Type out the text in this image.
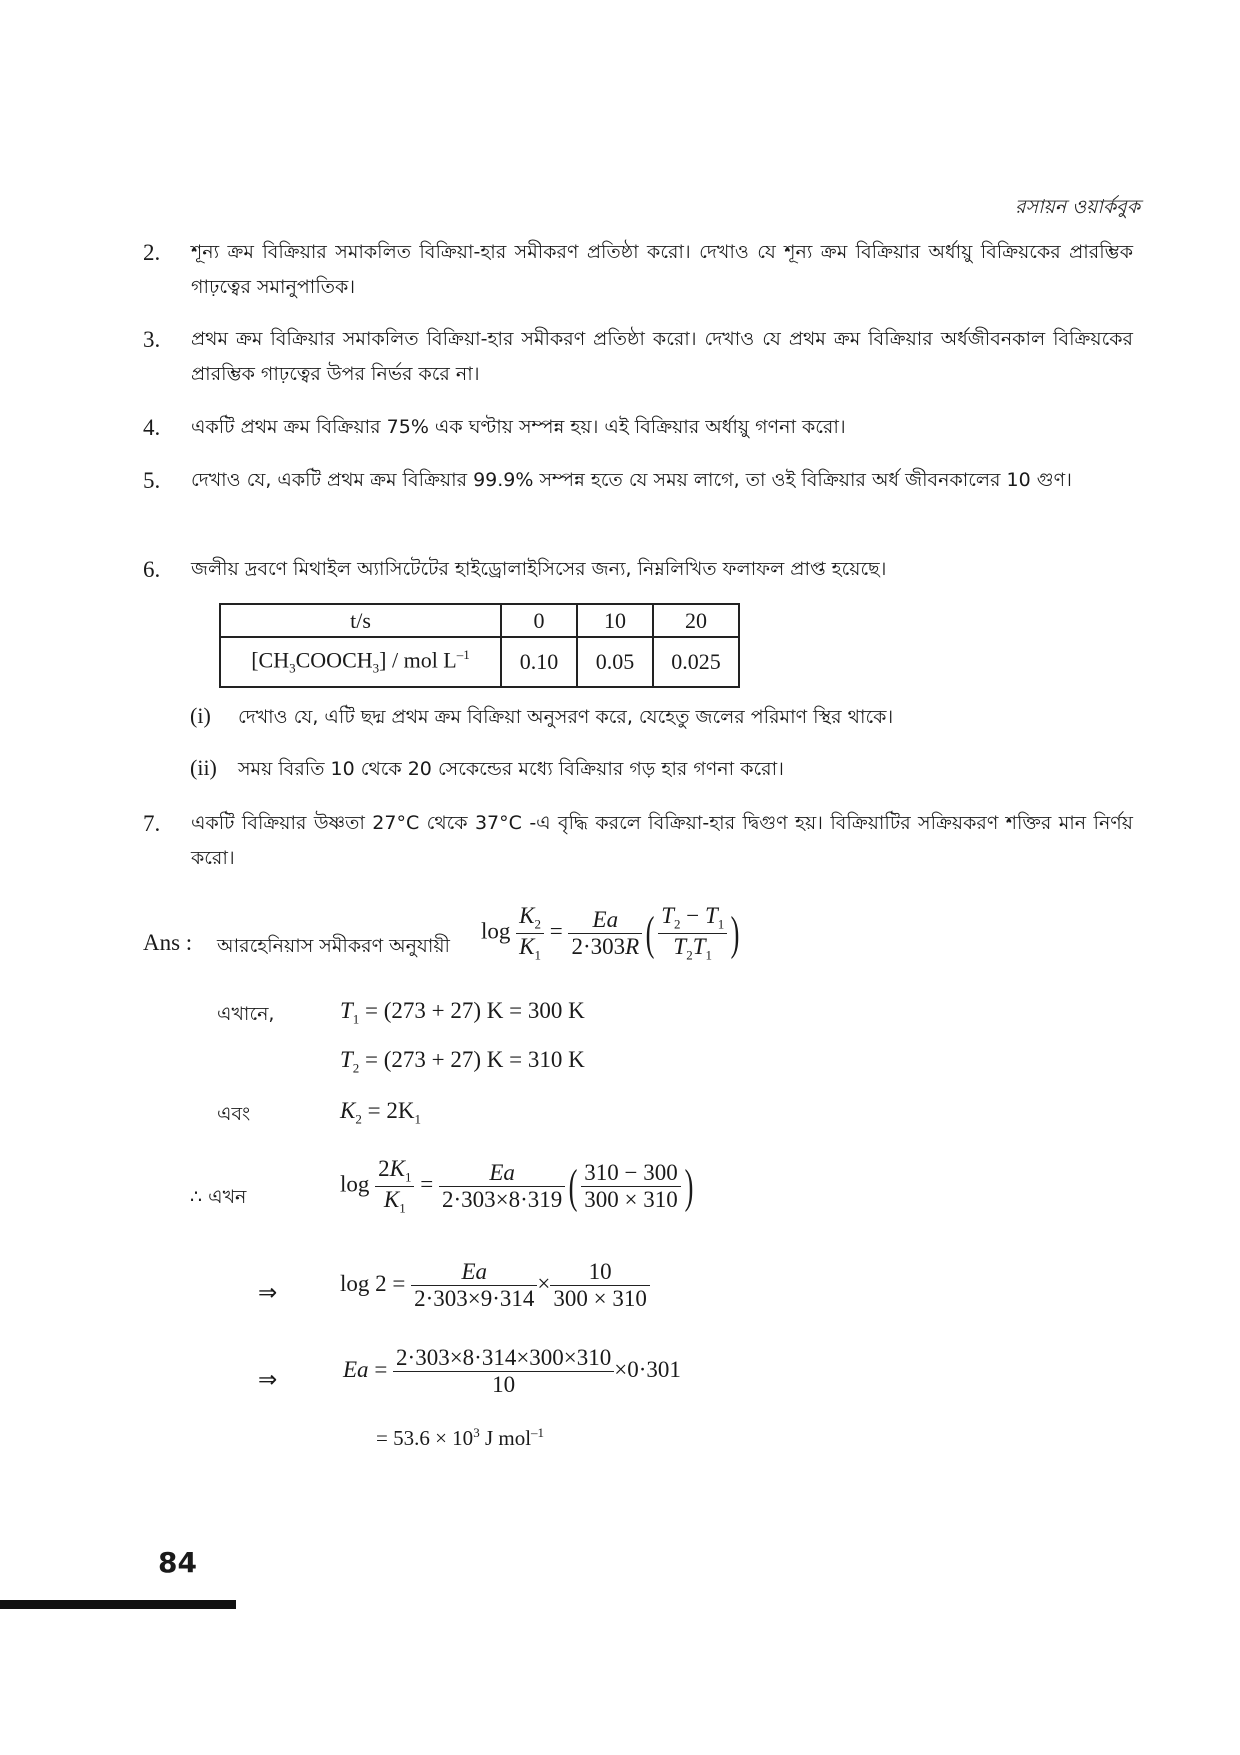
রসায়ন ওয়ার্কবুক
2. শূন্য ক্রম বিক্রিয়ার সমাকলিত বিক্রিয়া-হার সমীকরণ প্রতিষ্ঠা করো। দেখাও যে শূন্য ক্রম বিক্রিয়ার অর্ধায়ু বিক্রিয়কের প্রারম্ভিক গাঢ়ত্বের সমানুপাতিক।
3. প্রথম ক্রম বিক্রিয়ার সমাকলিত বিক্রিয়া-হার সমীকরণ প্রতিষ্ঠা করো। দেখাও যে প্রথম ক্রম বিক্রিয়ার অর্ধজীবনকাল বিক্রিয়কের প্রারম্ভিক গাঢ়ত্বের উপর নির্ভর করে না।
4. একটি প্রথম ক্রম বিক্রিয়ার 75% এক ঘণ্টায় সম্পন্ন হয়। এই বিক্রিয়ার অর্ধায়ু গণনা করো।
5. দেখাও যে, একটি প্রথম ক্রম বিক্রিয়ার 99.9% সম্পন্ন হতে যে সময় লাগে, তা ওই বিক্রিয়ার অর্ধ জীবনকালের 10 গুণ।
6. জলীয় দ্রবণে মিথাইল অ্যাসিটেটের হাইড্রোলাইসিসের জন্য, নিম্নলিখিত ফলাফল প্রাপ্ত হয়েছে।
t/s	0	10	20
$[CH_3COOCH_3]$ / mol $L^{-1}$	0.10	0.05	0.025
(i) দেখাও যে, এটি ছদ্ম প্রথম ক্রম বিক্রিয়া অনুসরণ করে, যেহেতু জলের পরিমাণ স্থির থাকে।
(ii) সময় বিরতি 10 থেকে 20 সেকেন্ডের মধ্যে বিক্রিয়ার গড় হার গণনা করো।
7. একটি বিক্রিয়ার উষ্ণতা 27°C থেকে 37°C -এ বৃদ্ধি করলে বিক্রিয়া-হার দ্বিগুণ হয়। বিক্রিয়াটির সক্রিয়করণ শক্তির মান নির্ণয় করো।
Ans : আরহেনিয়াস সমীকরণ অনুযায়ী
$\log \frac{K_2}{K_1} = \frac{Ea}{2\cdot 303R}$ ( $\frac{T_2 - T_1}{T_2T_1}$ )
এখানে,	$T_1 = (273 + 27) K = 300$ K
$T_2 = (273 + 27) K = 310$ K
এবং	$K_2 = 2K_1$
∴ এখন
$\log \frac{2K_1}{K_1} = \frac{Ea}{2\cdot 303\times 8\cdot 319}$ ( $\frac{310 - 300}{300 \times 310}$ )
⇒	$\log 2 = \frac{Ea}{2\cdot 303\times 9\cdot 314} \times \frac{10}{300 \times 310}$
⇒	$Ea = \frac{2\cdot 303\times 8\cdot 314\times 300\times 310}{10} \times 0\cdot 301$
= $53.6 \times 10^3$ J mol$^{-1}$
84
